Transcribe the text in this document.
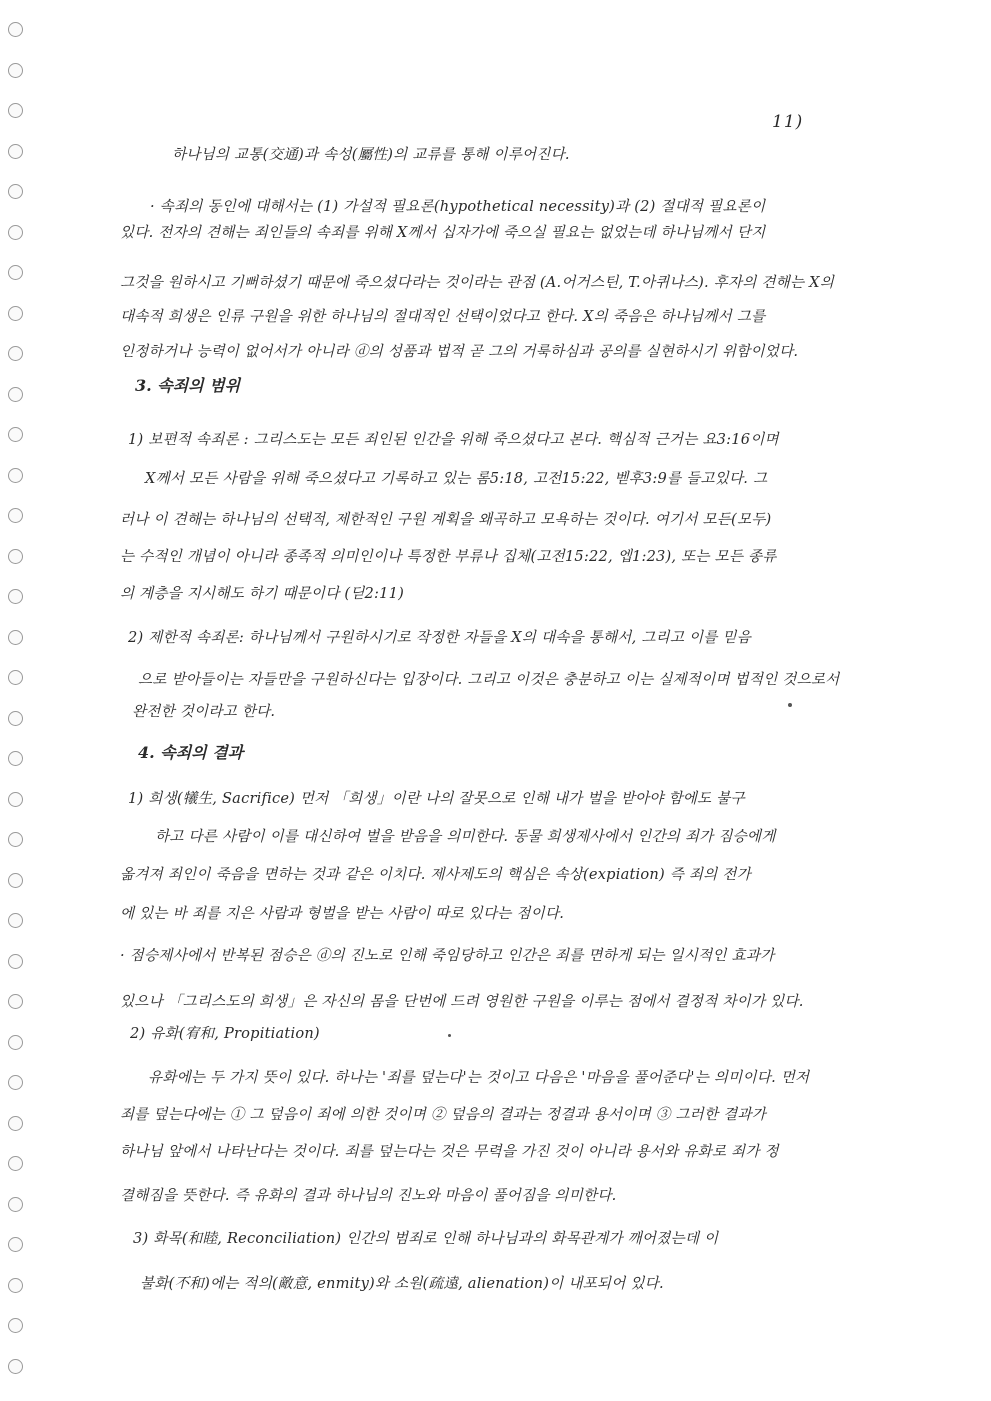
11)
하나님의 교통(交通)과 속성(屬性)의 교류를 통해 이루어진다.
· 속죄의 동인에 대해서는 (1) 가설적 필요론(hypothetical necessity)과 (2) 절대적 필요론이
있다. 전자의 견해는 죄인들의 속죄를 위해 X께서 십자가에 죽으실 필요는 없었는데 하나님께서 단지
그것을 원하시고 기뻐하셨기 때문에 죽으셨다라는 것이라는 관점 (A.어거스틴, T.아퀴나스). 후자의 견해는 X의
대속적 희생은 인류 구원을 위한 하나님의 절대적인 선택이었다고 한다. X의 죽음은 하나님께서 그를
인정하거나 능력이 없어서가 아니라 ⓓ의 성품과 법적 곧 그의 거룩하심과 공의를 실현하시기 위함이었다.
3. 속죄의 범위
1) 보편적 속죄론 : 그리스도는 모든 죄인된 인간을 위해 죽으셨다고 본다. 핵심적 근거는 요3:16이며
X께서 모든 사람을 위해 죽으셨다고 기록하고 있는 롬5:18, 고전15:22, 벧후3:9를 들고있다. 그
러나 이 견해는 하나님의 선택적, 제한적인 구원 계획을 왜곡하고 모욕하는 것이다. 여기서 모든(모두)
는 수적인 개념이 아니라 종족적 의미인이나 특정한 부류나 집체(고전15:22, 엡1:23), 또는 모든 종류
의 계층을 지시해도 하기 때문이다 (딛2:11)
2) 제한적 속죄론: 하나님께서 구원하시기로 작정한 자들을 X의 대속을 통해서, 그리고 이를 믿음
으로 받아들이는 자들만을 구원하신다는 입장이다. 그리고 이것은 충분하고 이는 실제적이며 법적인 것으로서
완전한 것이라고 한다.
4. 속죄의 결과
1) 희생(犧生, Sacrifice) 먼저 「희생」이란 나의 잘못으로 인해 내가 벌을 받아야 함에도 불구
하고 다른 사람이 이를 대신하여 벌을 받음을 의미한다. 동물 희생제사에서 인간의 죄가 짐승에게
옮겨져 죄인이 죽음을 면하는 것과 같은 이치다. 제사제도의 핵심은 속상(expiation) 즉 죄의 전가
에 있는 바 죄를 지은 사람과 형벌을 받는 사람이 따로 있다는 점이다.
· 점승제사에서 반복된 점승은 ⓓ의 진노로 인해 죽임당하고 인간은 죄를 면하게 되는 일시적인 효과가
있으나 「그리스도의 희생」은 자신의 몸을 단번에 드려 영원한 구원을 이루는 점에서 결정적 차이가 있다.
2) 유화(宥和, Propitiation)
유화에는 두 가지 뜻이 있다. 하나는 '죄를 덮는다'는 것이고 다음은 '마음을 풀어준다'는 의미이다. 먼저
죄를 덮는다에는 ① 그 덮음이 죄에 의한 것이며 ② 덮음의 결과는 정결과 용서이며 ③ 그러한 결과가
하나님 앞에서 나타난다는 것이다. 죄를 덮는다는 것은 무력을 가진 것이 아니라 용서와 유화로 죄가 정
결해짐을 뜻한다. 즉 유화의 결과 하나님의 진노와 마음이 풀어짐을 의미한다.
3) 화목(和睦, Reconciliation) 인간의 범죄로 인해 하나님과의 화목관계가 깨어졌는데 이
불화(不和)에는 적의(敵意, enmity)와 소원(疏遠, alienation)이 내포되어 있다.
